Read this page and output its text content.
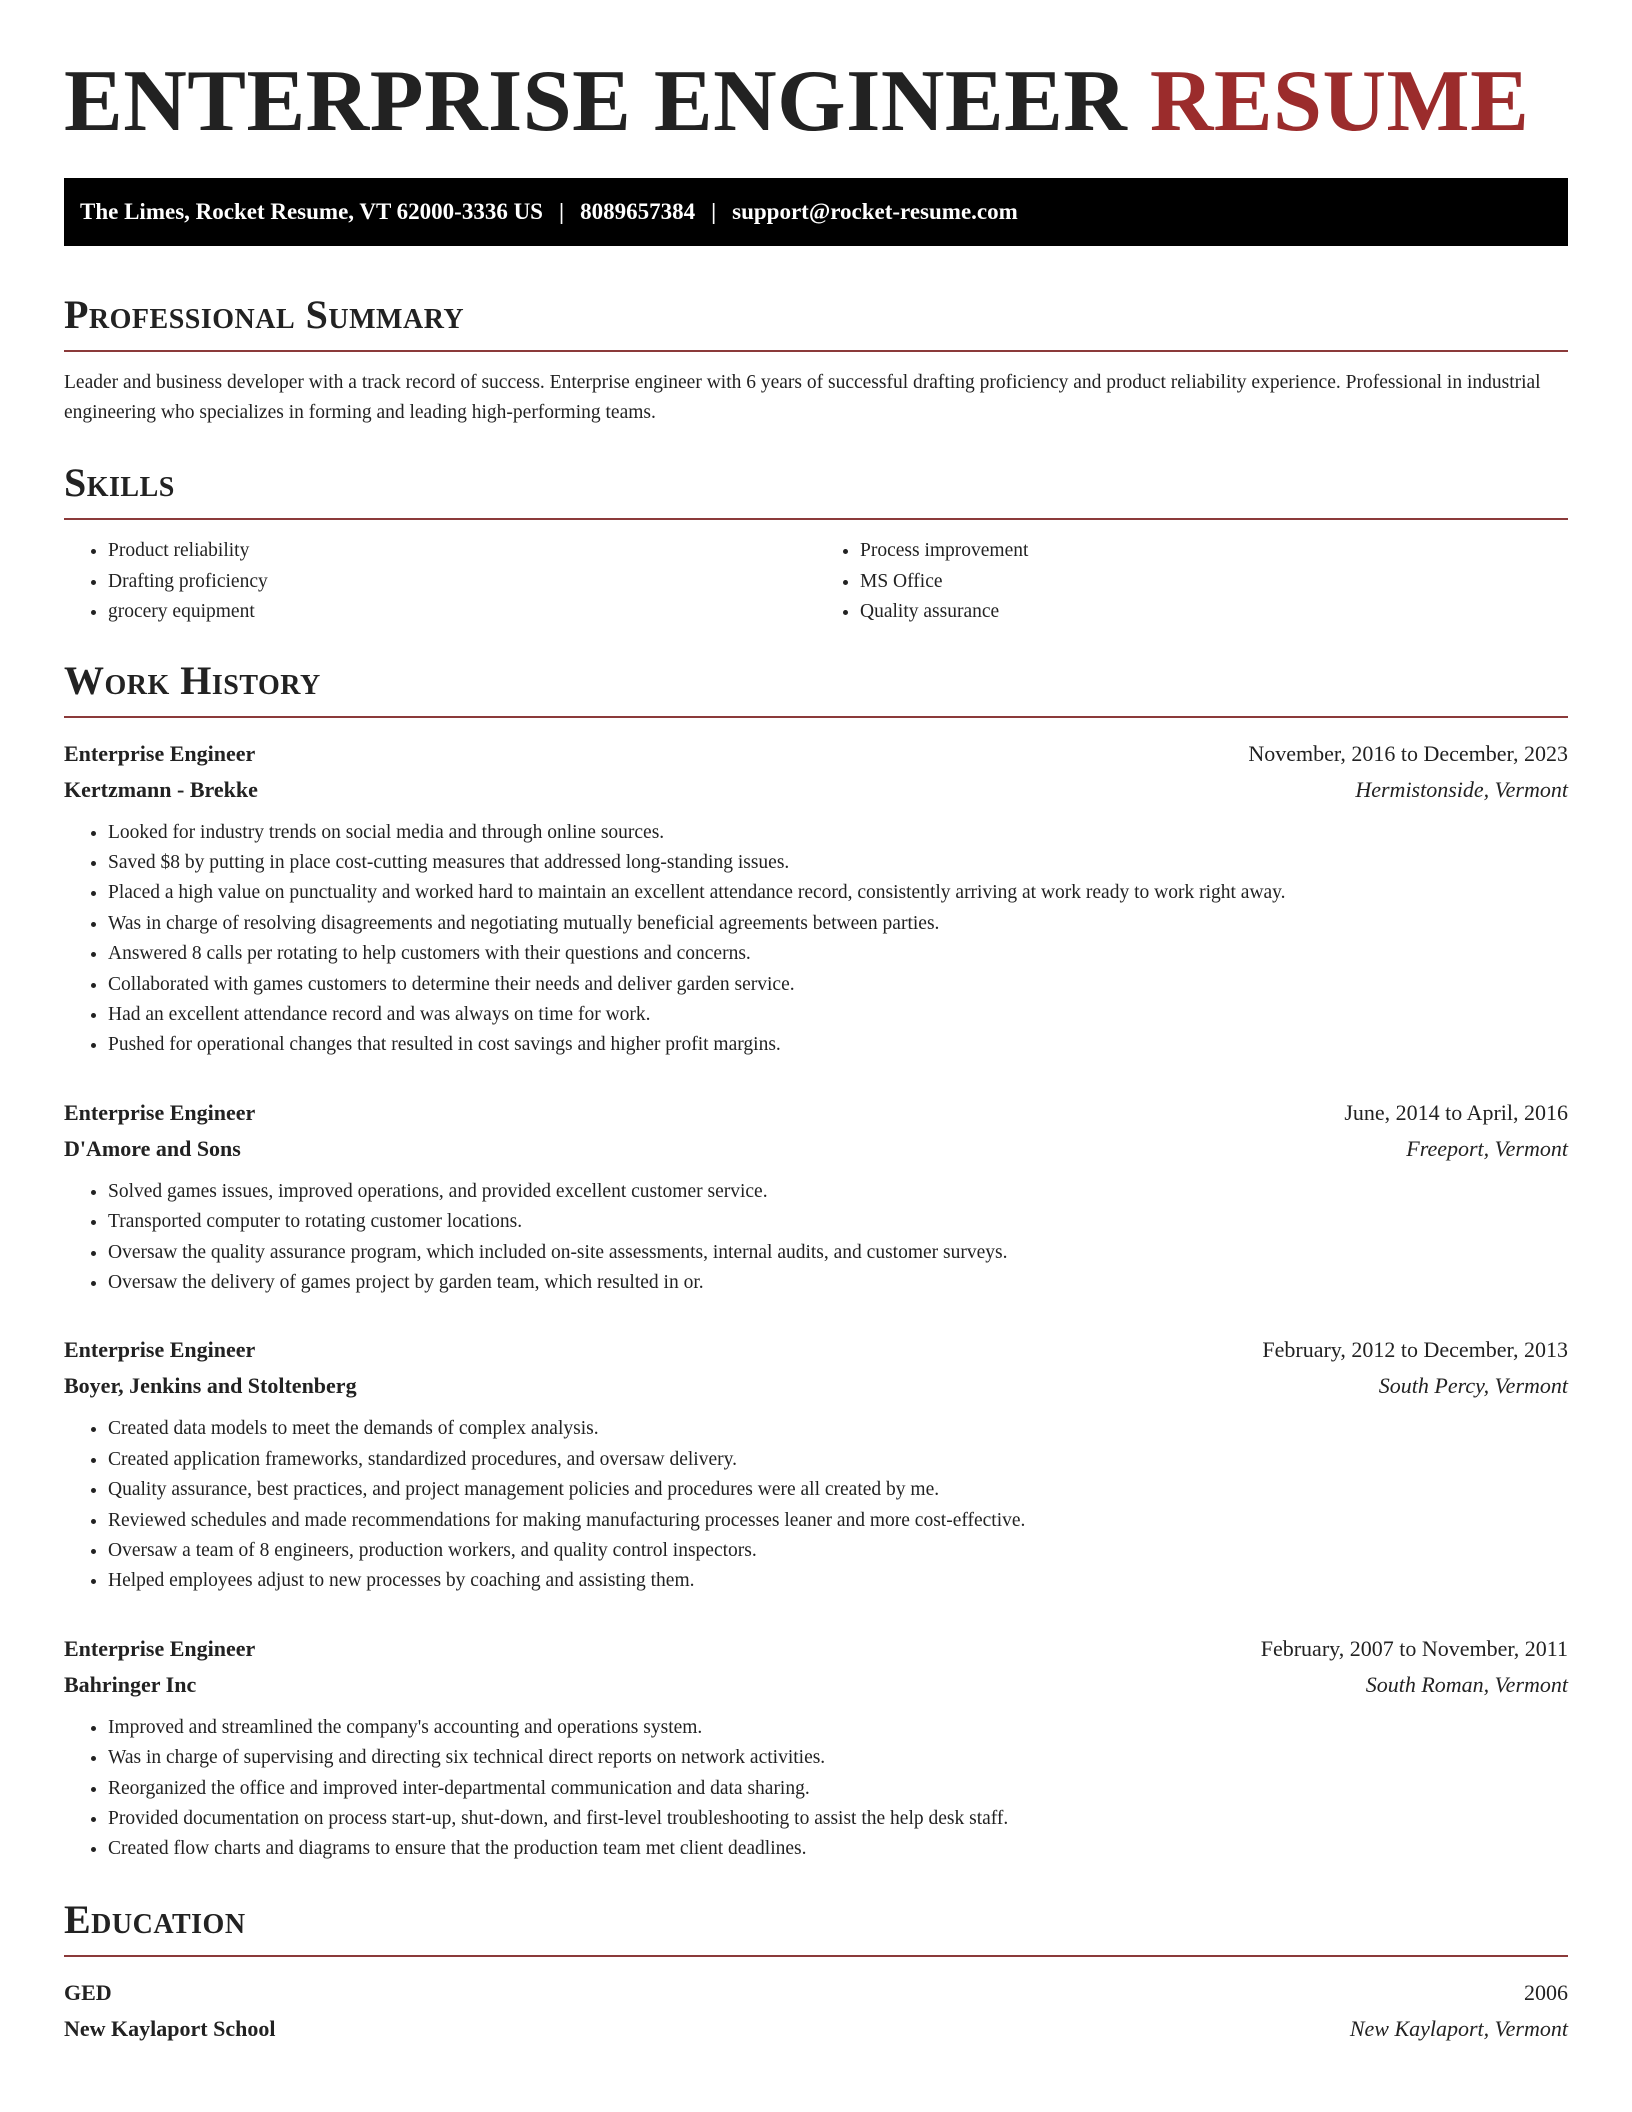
ENTERPRISE ENGINEER RESUME
The Limes, Rocket Resume, VT 62000-3336 US | 8089657384 | support@rocket-resume.com
Professional Summary

Leader and business developer with a track record of success. Enterprise engineer with 6 years of successful drafting proficiency and product reliability experience. Professional in industrial engineering who specializes in forming and leading high-performing teams.

Skills
• Product reliability
• Drafting proficiency
• grocery equipment
• Process improvement
• MS Office
• Quality assurance
Work History
Enterprise Engineer	November, 2016 to December, 2023
Kertzmann - Brekke	Hermistonside, Vermont
• Looked for industry trends on social media and through online sources.
• Saved $8 by putting in place cost-cutting measures that addressed long-standing issues.
• Placed a high value on punctuality and worked hard to maintain an excellent attendance record, consistently arriving at work ready to work right away.
• Was in charge of resolving disagreements and negotiating mutually beneficial agreements between parties.
• Answered 8 calls per rotating to help customers with their questions and concerns.
• Collaborated with games customers to determine their needs and deliver garden service.
• Had an excellent attendance record and was always on time for work.
• Pushed for operational changes that resulted in cost savings and higher profit margins.
Enterprise Engineer	June, 2014 to April, 2016
D'Amore and Sons	Freeport, Vermont
• Solved games issues, improved operations, and provided excellent customer service.
• Transported computer to rotating customer locations.
• Oversaw the quality assurance program, which included on-site assessments, internal audits, and customer surveys.
• Oversaw the delivery of games project by garden team, which resulted in or.
Enterprise Engineer	February, 2012 to December, 2013
Boyer, Jenkins and Stoltenberg	South Percy, Vermont
• Created data models to meet the demands of complex analysis.
• Created application frameworks, standardized procedures, and oversaw delivery.
• Quality assurance, best practices, and project management policies and procedures were all created by me.
• Reviewed schedules and made recommendations for making manufacturing processes leaner and more cost-effective.
• Oversaw a team of 8 engineers, production workers, and quality control inspectors.
• Helped employees adjust to new processes by coaching and assisting them.
Enterprise Engineer	February, 2007 to November, 2011
Bahringer Inc	South Roman, Vermont
• Improved and streamlined the company's accounting and operations system.
• Was in charge of supervising and directing six technical direct reports on network activities.
• Reorganized the office and improved inter-departmental communication and data sharing.
• Provided documentation on process start-up, shut-down, and first-level troubleshooting to assist the help desk staff.
• Created flow charts and diagrams to ensure that the production team met client deadlines.
Education
GED	2006
New Kaylaport School	New Kaylaport, Vermont
